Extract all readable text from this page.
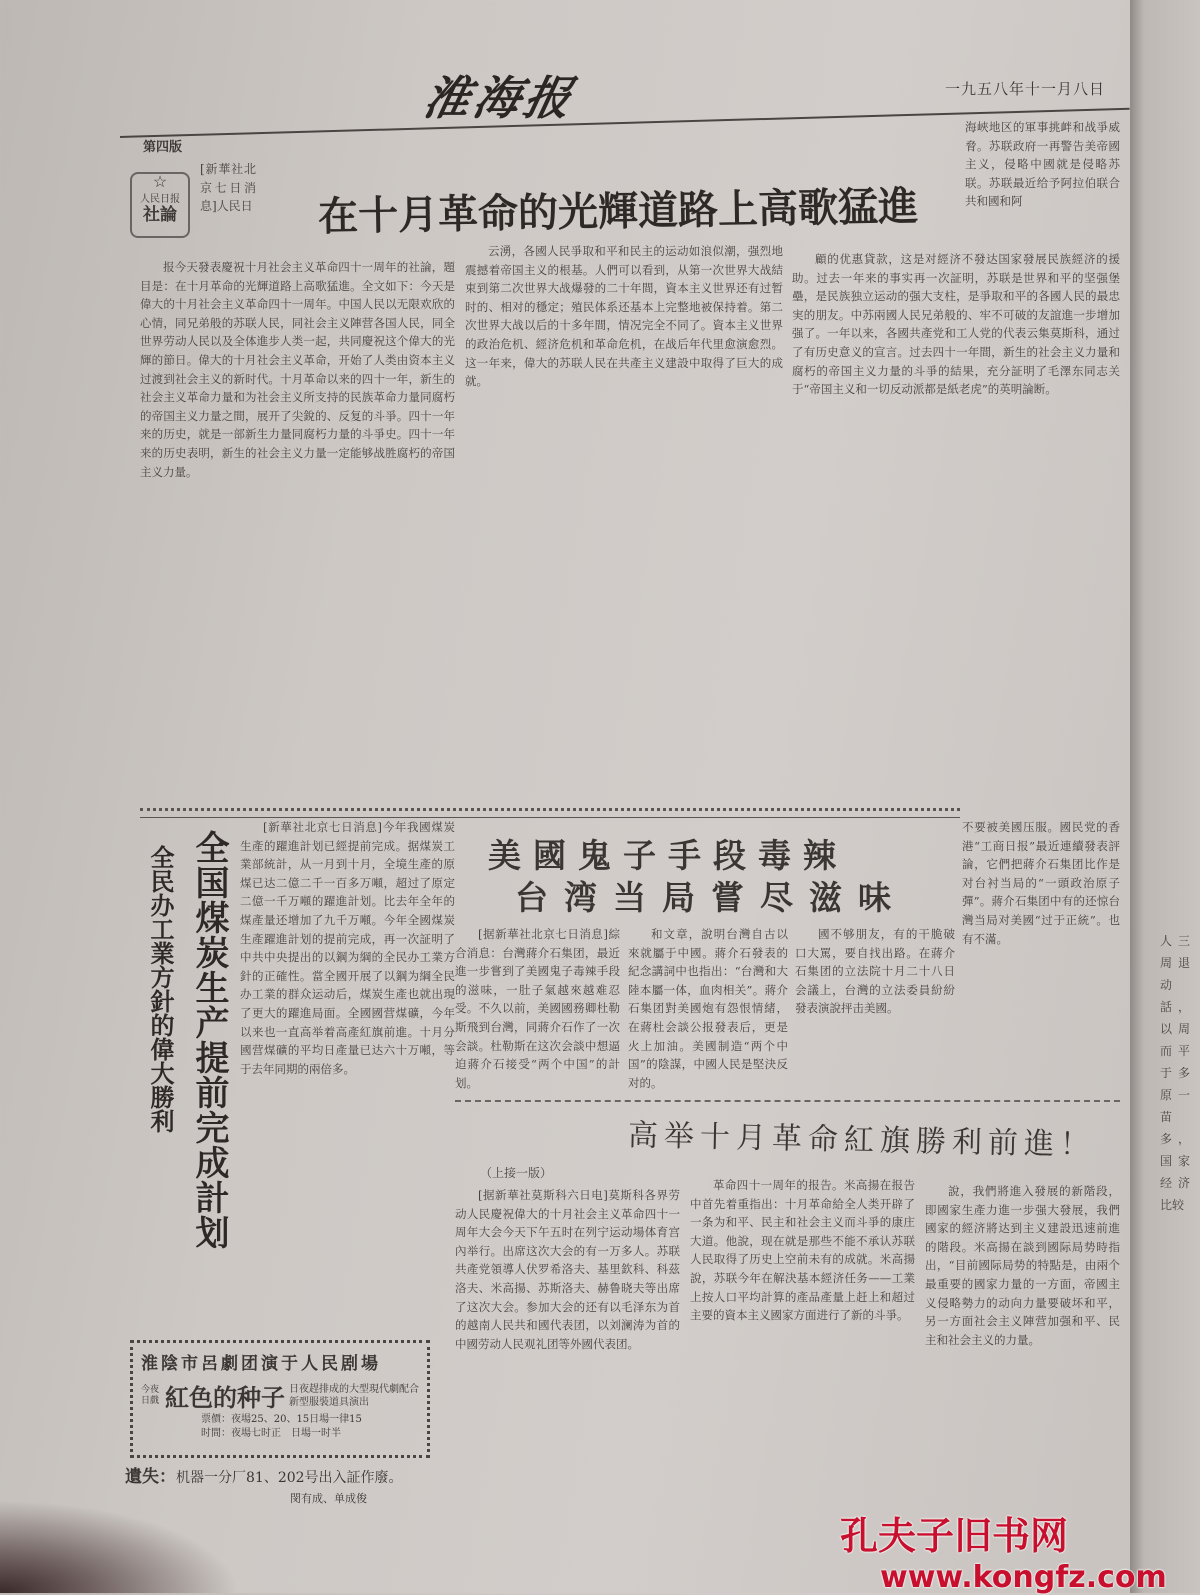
人三周退动話，以周而平于多原一苗多，国家经济比较
淮海报	一九五八年十一月八日
第四版
☆
人民日报
社論
[新華社北京七日消息]人民日 在十月革命的光輝道路上高歌猛進
海峽地区的軍事挑衅和战爭威脅。苏联政府一再警告美帝國主义，侵略中國就是侵略苏联。苏联最近给予阿拉伯联合共和國和阿

报今天發表慶祝十月社会主义革命四十一周年的社論，題目是：在十月革命的光輝道路上高歌猛進。全文如下：今天是偉大的十月社会主义革命四十一周年。中国人民以无限欢欣的心情，同兄弟般的苏联人民，同社会主义陣营各国人民，同全世界劳动人民以及全体進步人类一起，共同慶祝这个偉大的光輝的節日。偉大的十月社会主义革命，开始了人类由资本主义过渡到社会主义的新时代。十月革命以来的四十一年，新生的社会主义革命力量和为社会主义所支持的民族革命力量同腐朽的帝国主义力量之間，展开了尖銳的、反复的斗爭。四十一年来的历史，就是一部新生力量同腐朽力量的斗爭史。四十一年来的历史表明，新生的社会主义力量一定能够战胜腐朽的帝国主义力量。

云湧，各國人民爭取和平和民主的运动如浪似潮，强烈地震撼着帝国主义的根基。人們可以看到，从第一次世界大战結束到第二次世界大战爆發的二十年間，資本主义世界还有过暂时的、相对的穩定；殖民体系还基本上完整地被保持着。第二次世界大战以后的十多年間，情况完全不同了。資本主义世界的政治危机、經济危机和革命危机，在战后年代里愈演愈烈。这一年来，偉大的苏联人民在共產主义建設中取得了巨大的成就。

顧的优惠貸款，这是对經济不發达国家發展民族經济的援助。过去一年来的事实再一次証明，苏联是世界和平的坚强堡壘，是民族独立运动的强大支柱，是爭取和平的各國人民的最忠実的朋友。中苏兩國人民兄弟般的、牢不可破的友誼進一步增加强了。一年以来，各國共產党和工人党的代表云集莫斯科，通过了有历史意义的宣言。过去四十一年間，新生的社会主义力量和腐朽的帝国主义力量的斗爭的結果，充分証明了毛澤东同志关于“帝国主义和一切反动派都是紙老虎”的英明論断。

全国煤炭生产提前完成計划
全民办工業方針的偉大勝利

[新華社北京七日消息]今年我國煤炭生產的躍進計划已經提前完成。据煤炭工業部統計，从一月到十月，全境生產的原煤已达二億二千一百多万噸，超过了原定二億一千万噸的躍進計划。比去年全年的煤產量还增加了九千万噸。今年全國煤炭生產躍進計划的提前完成，再一次証明了中共中央提出的以鋼为綱的全民办工業方針的正確性。當全國开展了以鋼为綱全民办工業的群众运动后，煤炭生產也就出現了更大的躍進局面。全國國营煤礦，今年以来也一直高举着高產紅旗前進。十月分國营煤礦的平均日產量已达六十万噸，等于去年同期的兩倍多。

淮陰市呂劇团演于人民剧場
今夜日戲 紅色的种子 日夜趕排成的大型現代劇配合新型服裝道具演出
票價：夜場25、20、15日場一律15
时間：夜場七时正　日場一时半
遺失：机器一分厂81、202号出入証作廢。
閔有成、单成俊
美國鬼子手段毒辣
台湾当局嘗尽滋味

[据新華社北京七日消息]綜合消息：台灣蔣介石集团，最近進一步嘗到了美國鬼子毒辣手段的滋味，一肚子氣越來越难忍受。不久以前，美國國務卿杜勒斯飛到台灣，同蔣介石作了一次会談。杜勒斯在这次会談中想逼迫蔣介石接受“两个中国”的計划。

和文章，說明台灣自古以來就屬于中國。蔣介石發表的紀念講詞中也指出：“台灣和大陸本屬一体，血肉相关”。蔣介石集团對美國炮有怨恨情緒，在蔣杜会談公报發表后，更是火上加油。美國制造“两个中国”的陰謀，中國人民是堅決反对的。

國不够朋友，有的干脆破口大罵，要自找出路。在蔣介石集团的立法院十月二十八日会議上，台灣的立法委員紛紛發表演說抨击美國。

不要被美國压服。國民党的香港“工商日报”最近連續發表評論，它們把蔣介石集团比作是对台衬当局的“一頭政治原子彈”。蔣介石集团中有的还惊台灣当局对美國“过于正統”。也有不滿。
高举十月革命紅旗勝利前進！
（上接一版）

[据新華社莫斯科六日电]莫斯科各界劳动人民慶祝偉大的十月社会主义革命四十一周年大会今天下午五时在列宁运动場体育宫內举行。出席这次大会的有一万多人。苏联共產党領導人伏罗希洛夫、基里欽科、科茲洛夫、米高揚、苏斯洛夫、赫鲁晓夫等出席了这次大会。参加大会的还有以毛泽东为首的越南人民共和國代表团，以刘澜涛为首的中國劳动人民观礼团等外國代表团。

革命四十一周年的报告。米高揚在报告中首先着重指出：十月革命給全人类开辟了一条为和平、民主和社会主义而斗爭的康庄大道。他說，现在就是那些不能不承认苏联人民取得了历史上空前未有的成就。米高揚說，苏联今年在解決基本經济任务——工業上按人口平均計算的產品產量上赶上和超过主要的資本主义國家方面进行了新的斗爭。

說，我們將進入發展的新階段，即國家生產力進一步强大發展，我們國家的經济將达到主义建設迅速前進的階段。米高揚在談到國际局势時指出，“目前國际局势的特點是，由兩个最重要的國家力量的一方面，帝國主义侵略勢力的动向力量要破坏和平，另一方面社会主义陣营加强和平、民主和社会主义的力量。

孔夫子旧书网
www.kongfz.com
